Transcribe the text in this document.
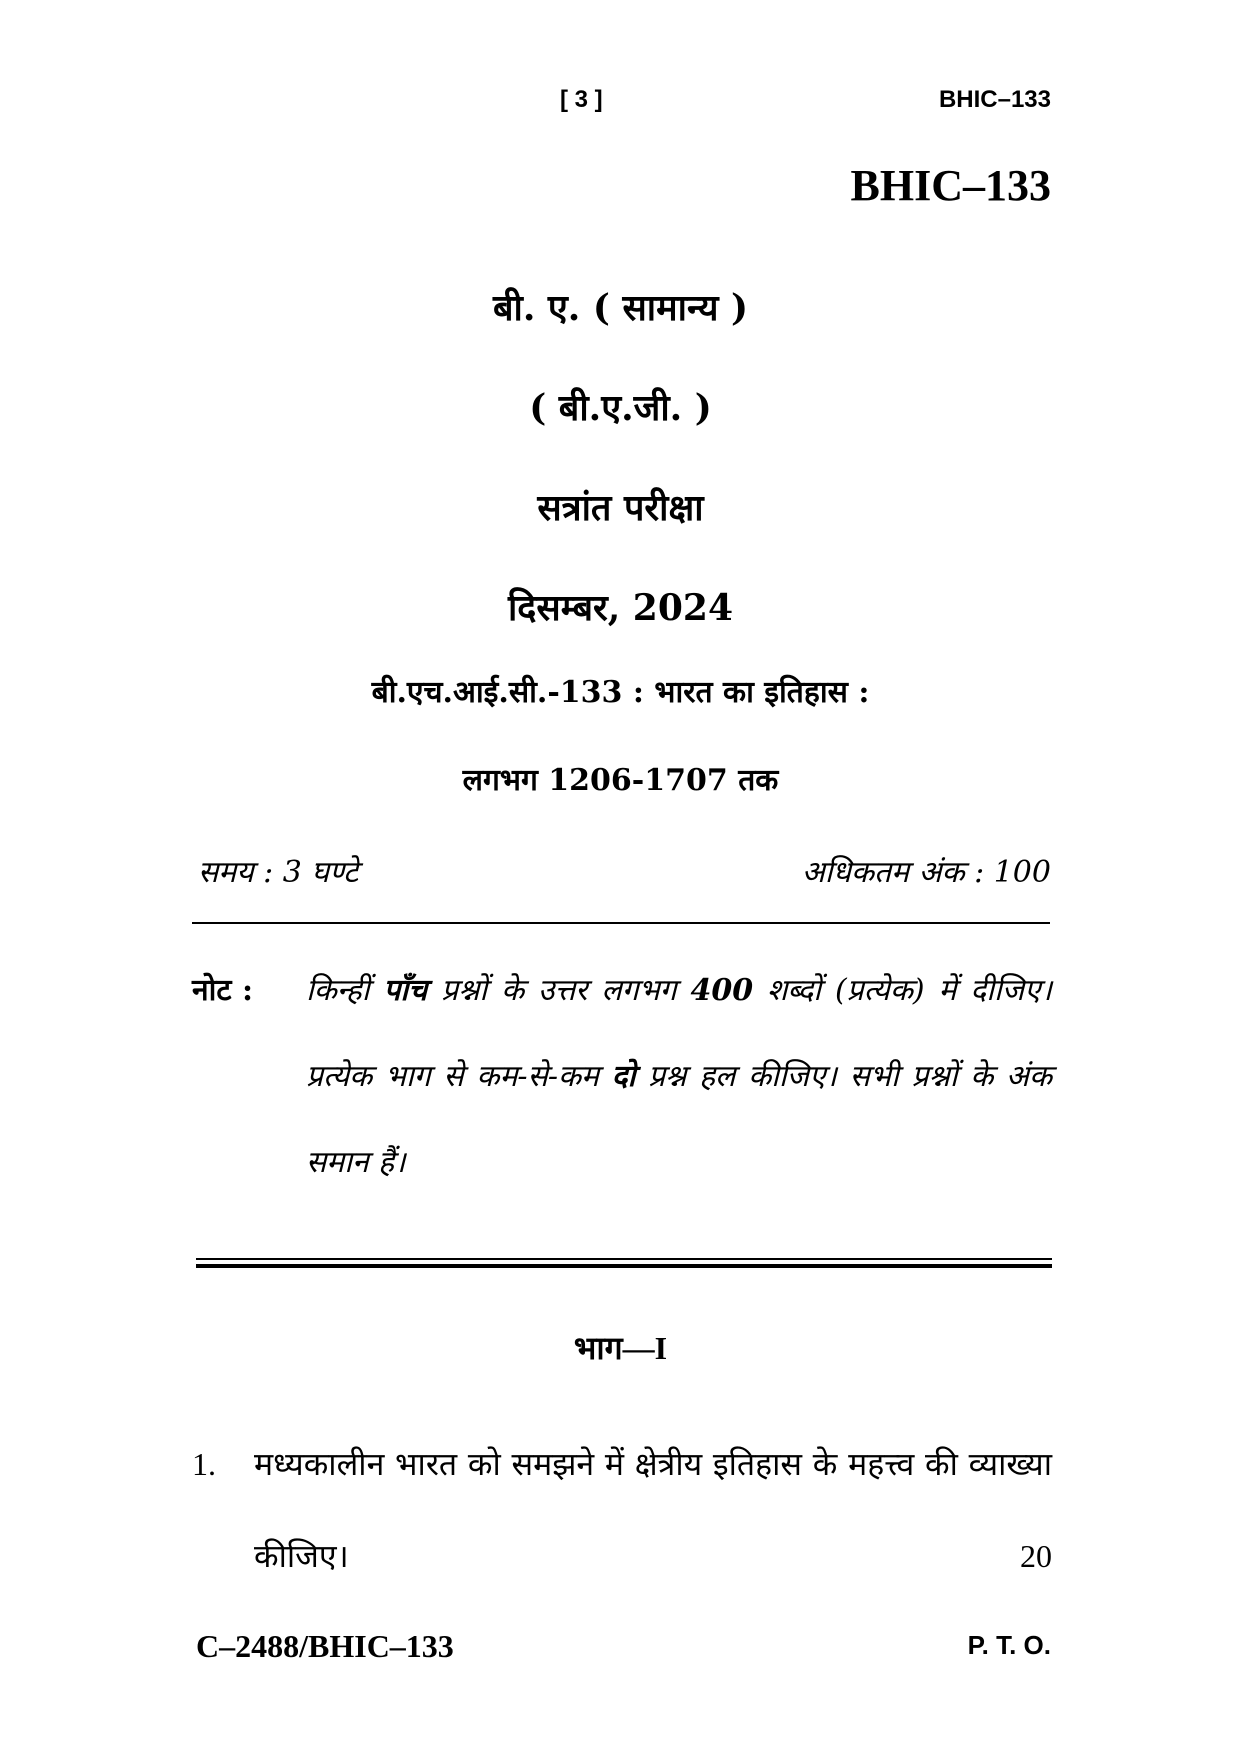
[ 3 ]	BHIC–133
BHIC–133
बी. ए. ( सामान्य )
( बी.ए.जी. )
सत्रांत परीक्षा
दिसम्बर, 2024
बी.एच.आई.सी.-133 : भारत का इतिहास :
लगभग 1206-1707 तक
समय : 3 घण्टे	अधिकतम अंक : 100
नोट : किन्हीं पाँच प्रश्नों के उत्तर लगभग 400 शब्दों (प्रत्येक) में दीजिए। प्रत्येक भाग से कम-से-कम दो प्रश्न हल कीजिए। सभी प्रश्नों के अंक समान हैं।
भाग—I
1. मध्यकालीन भारत को समझने में क्षेत्रीय इतिहास के महत्त्व की व्याख्या कीजिए।	20
C–2488/BHIC–133	P. T. O.
